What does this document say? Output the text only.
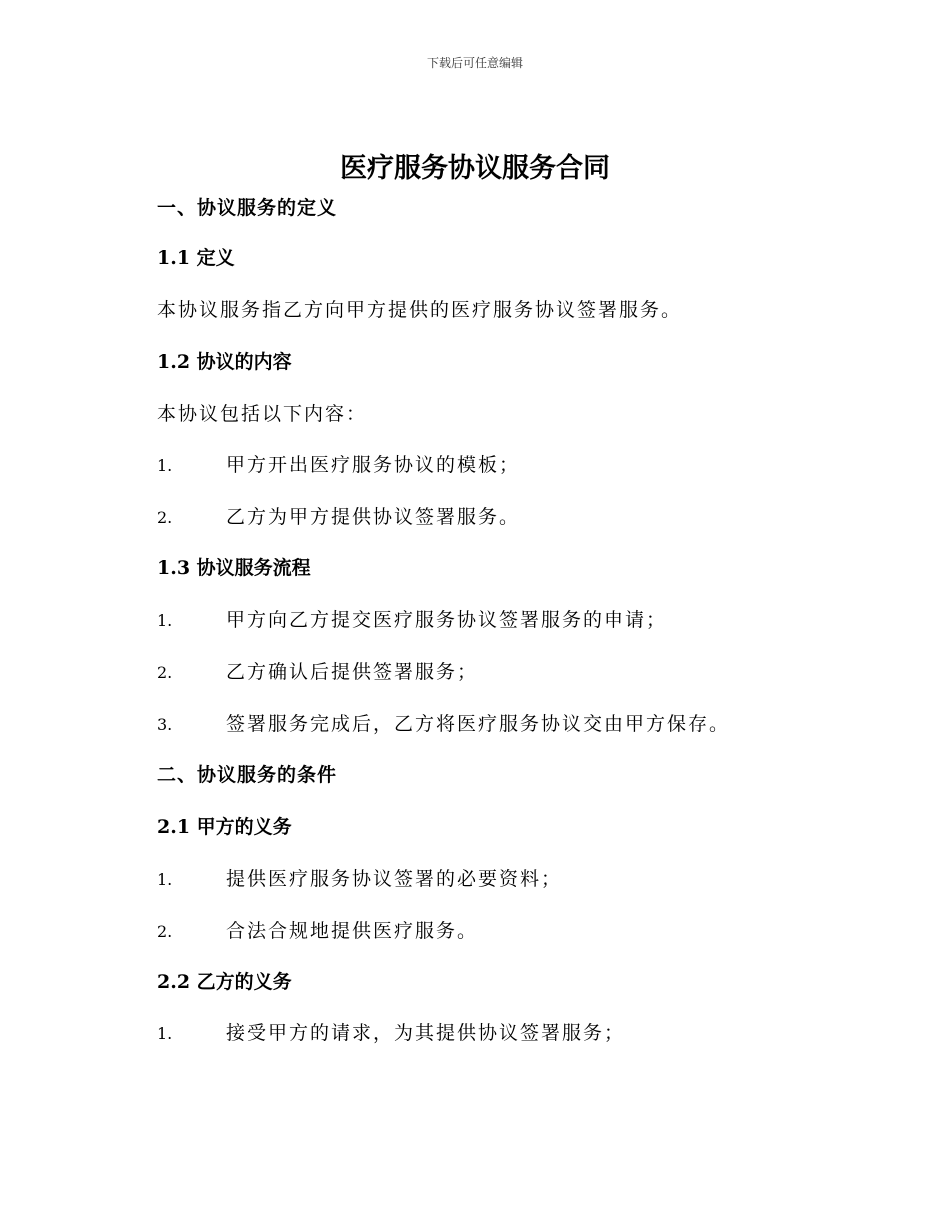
下载后可任意编辑
医疗服务协议服务合同
一、协议服务的定义
1.1 定义
本协议服务指乙方向甲方提供的医疗服务协议签署服务。
1.2 协议的内容
本协议包括以下内容：
1.	甲方开出医疗服务协议的模板；
2.	乙方为甲方提供协议签署服务。
1.3 协议服务流程
1.	甲方向乙方提交医疗服务协议签署服务的申请；
2.	乙方确认后提供签署服务；
3.	签署服务完成后，乙方将医疗服务协议交由甲方保存。
二、协议服务的条件
2.1 甲方的义务
1.	提供医疗服务协议签署的必要资料；
2.	合法合规地提供医疗服务。
2.2 乙方的义务
1.	接受甲方的请求，为其提供协议签署服务；
